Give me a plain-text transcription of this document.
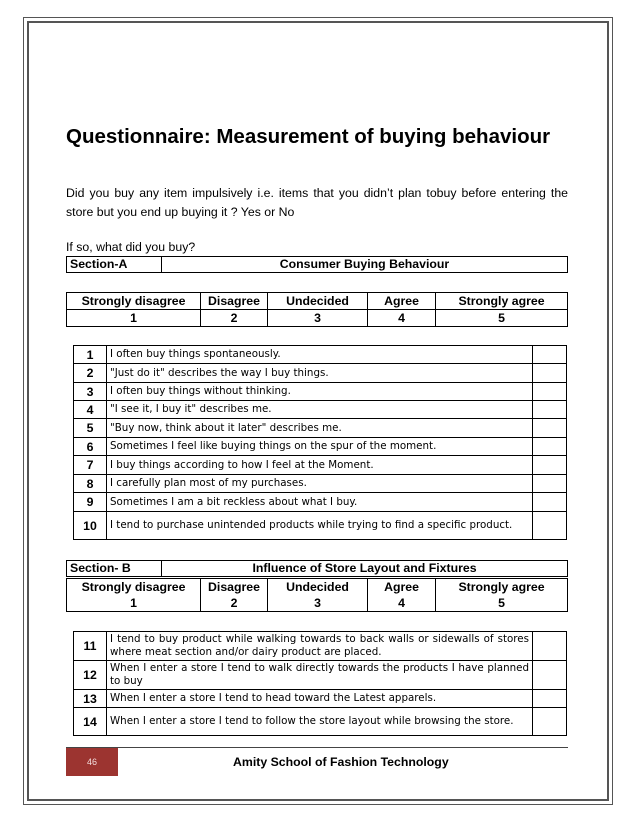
Questionnaire: Measurement of buying behaviour
Did you buy any item impulsively i.e. items that you didn’t plan tobuy before entering the store but you end up buying it ? Yes or No
If so, what did you buy?
Section-A	Consumer Buying Behaviour
Strongly disagree	Disagree	Undecided	Agree	Strongly agree
1	2	3	4	5
1	I often buy things spontaneously.	
2	"Just do it" describes the way I buy things.	
3	I often buy things without thinking.	
4	"I see it, I buy it" describes me.	
5	"Buy now, think about it later" describes me.	
6	Sometimes I feel like buying things on the spur of the moment.	
7	I buy things according to how I feel at the Moment.	
8	I carefully plan most of my purchases.	
9	Sometimes I am a bit reckless about what I buy.	
10	I tend to purchase unintended products while trying to find a specific product.	
Section- B	Influence of Store Layout and Fixtures
Strongly disagree	Disagree	Undecided	Agree	Strongly agree
1	2	3	4	5
11	I tend to buy product while walking towards to back walls or sidewalls of stores where meat section and/or dairy product are placed.	
12	When I enter a store I tend to walk directly towards the products I have planned to buy	
13	When I enter a store I tend to head toward the Latest apparels.	
14	When I enter a store I tend to follow the store layout while browsing the store.	
46	Amity School of Fashion Technology
